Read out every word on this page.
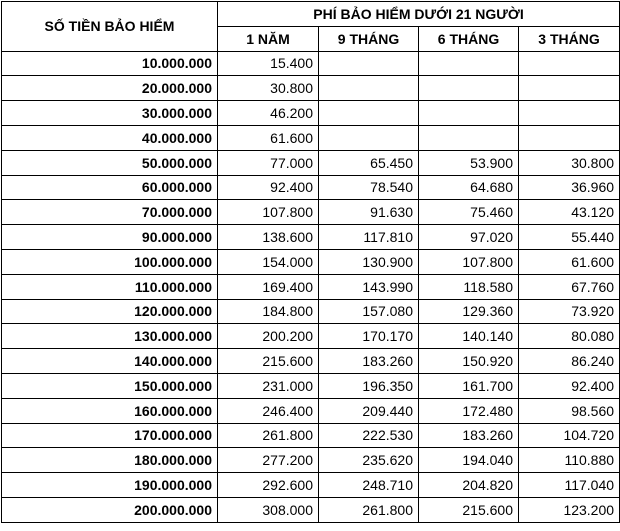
SỐ TIỀN BẢO HIỂM	PHÍ BẢO HIỂM DƯỚI 21 NGƯỜI			
	1 NĂM	9 THÁNG	6 THÁNG	3 THÁNG
10.000.000	15.400			
20.000.000	30.800			
30.000.000	46.200			
40.000.000	61.600			
50.000.000	77.000	65.450	53.900	30.800
60.000.000	92.400	78.540	64.680	36.960
70.000.000	107.800	91.630	75.460	43.120
90.000.000	138.600	117.810	97.020	55.440
100.000.000	154.000	130.900	107.800	61.600
110.000.000	169.400	143.990	118.580	67.760
120.000.000	184.800	157.080	129.360	73.920
130.000.000	200.200	170.170	140.140	80.080
140.000.000	215.600	183.260	150.920	86.240
150.000.000	231.000	196.350	161.700	92.400
160.000.000	246.400	209.440	172.480	98.560
170.000.000	261.800	222.530	183.260	104.720
180.000.000	277.200	235.620	194.040	110.880
190.000.000	292.600	248.710	204.820	117.040
200.000.000	308.000	261.800	215.600	123.200
